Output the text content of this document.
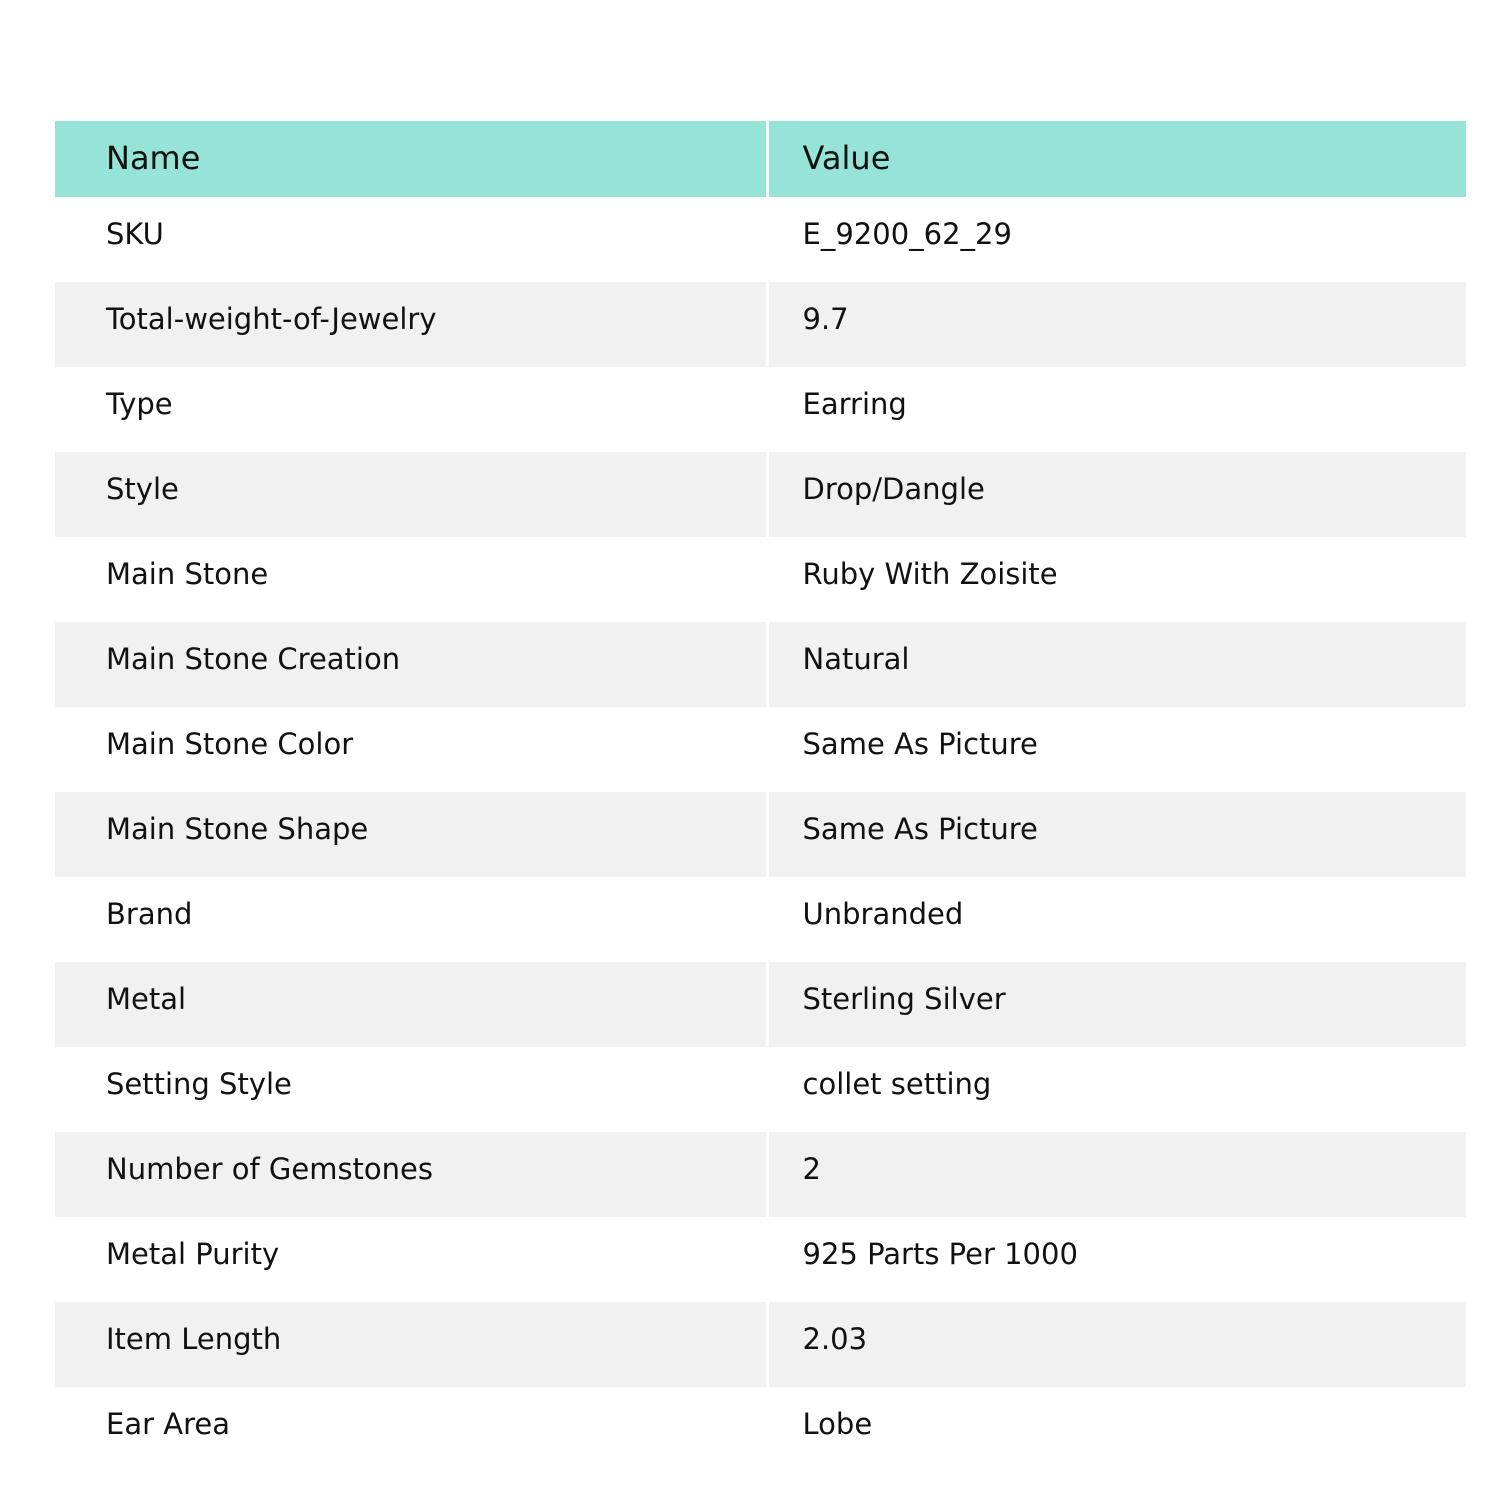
Name	Value
SKU	E_9200_62_29
Total-weight-of-Jewelry	9.7
Type	Earring
Style	Drop/Dangle
Main Stone	Ruby With Zoisite
Main Stone Creation	Natural
Main Stone Color	Same As Picture
Main Stone Shape	Same As Picture
Brand	Unbranded
Metal	Sterling Silver
Setting Style	collet setting
Number of Gemstones	2
Metal Purity	925 Parts Per 1000
Item Length	2.03
Ear Area	Lobe
